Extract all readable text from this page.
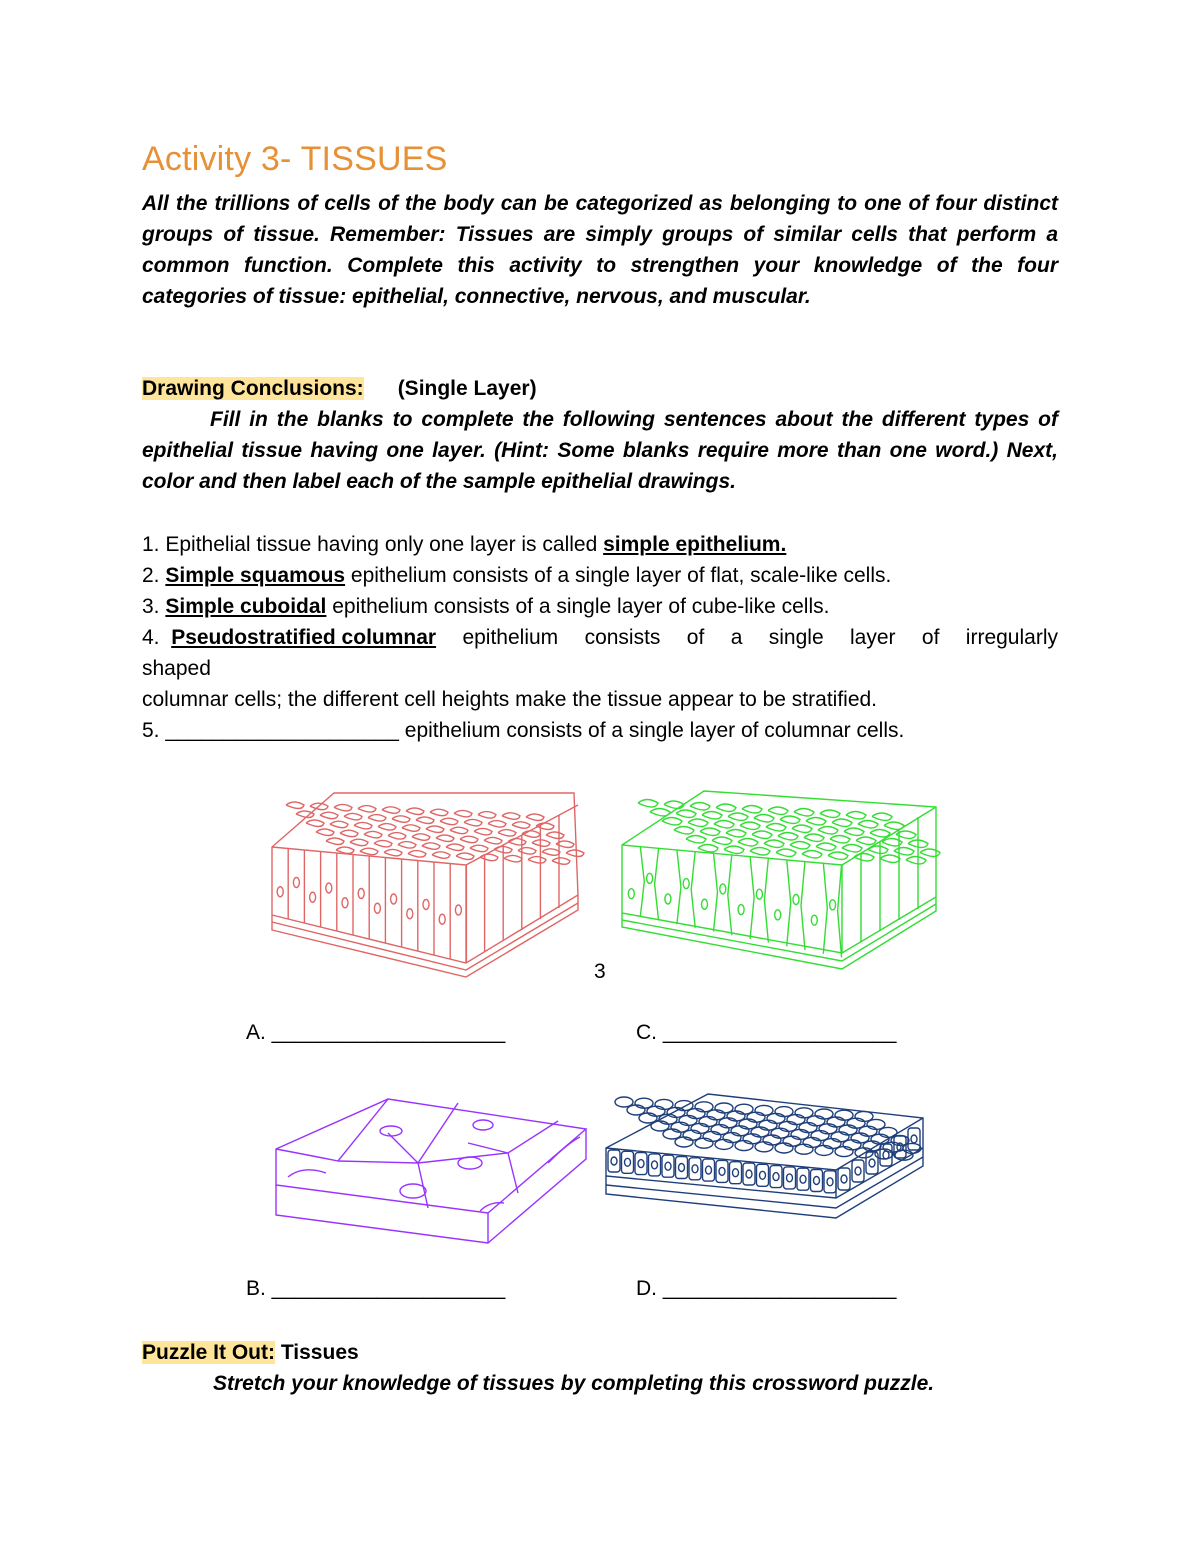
Activity 3- TISSUES

All the trillions of cells of the body can be categorized as belonging to one of four distinct groups of tissue. Remember: Tissues are simply groups of similar cells that perform a common function. Complete this activity to strengthen your knowledge of the four categories of tissue: epithelial, connective, nervous, and muscular.

Drawing Conclusions: (Single Layer)

Fill in the blanks to complete the following sentences about the different types of epithelial tissue having one layer. (Hint: Some blanks require more than one word.) Next, color and then label each of the sample epithelial drawings.

1. Epithelial tissue having only one layer is called simple epithelium.
2. Simple squamous epithelium consists of a single layer of flat, scale-like cells.
3. Simple cuboidal epithelium consists of a single layer of cube-like cells.
4. Pseudostratified columnar epithelium consists of a single layer of irregularly
shaped
columnar cells; the different cell heights make the tissue appear to be stratified.
5. ____________________ epithelium consists of a single layer of columnar cells.
3
A. ____________________	C. ____________________
B. ____________________	D. ____________________

Puzzle It Out: Tissues

Stretch your knowledge of tissues by completing this crossword puzzle.
